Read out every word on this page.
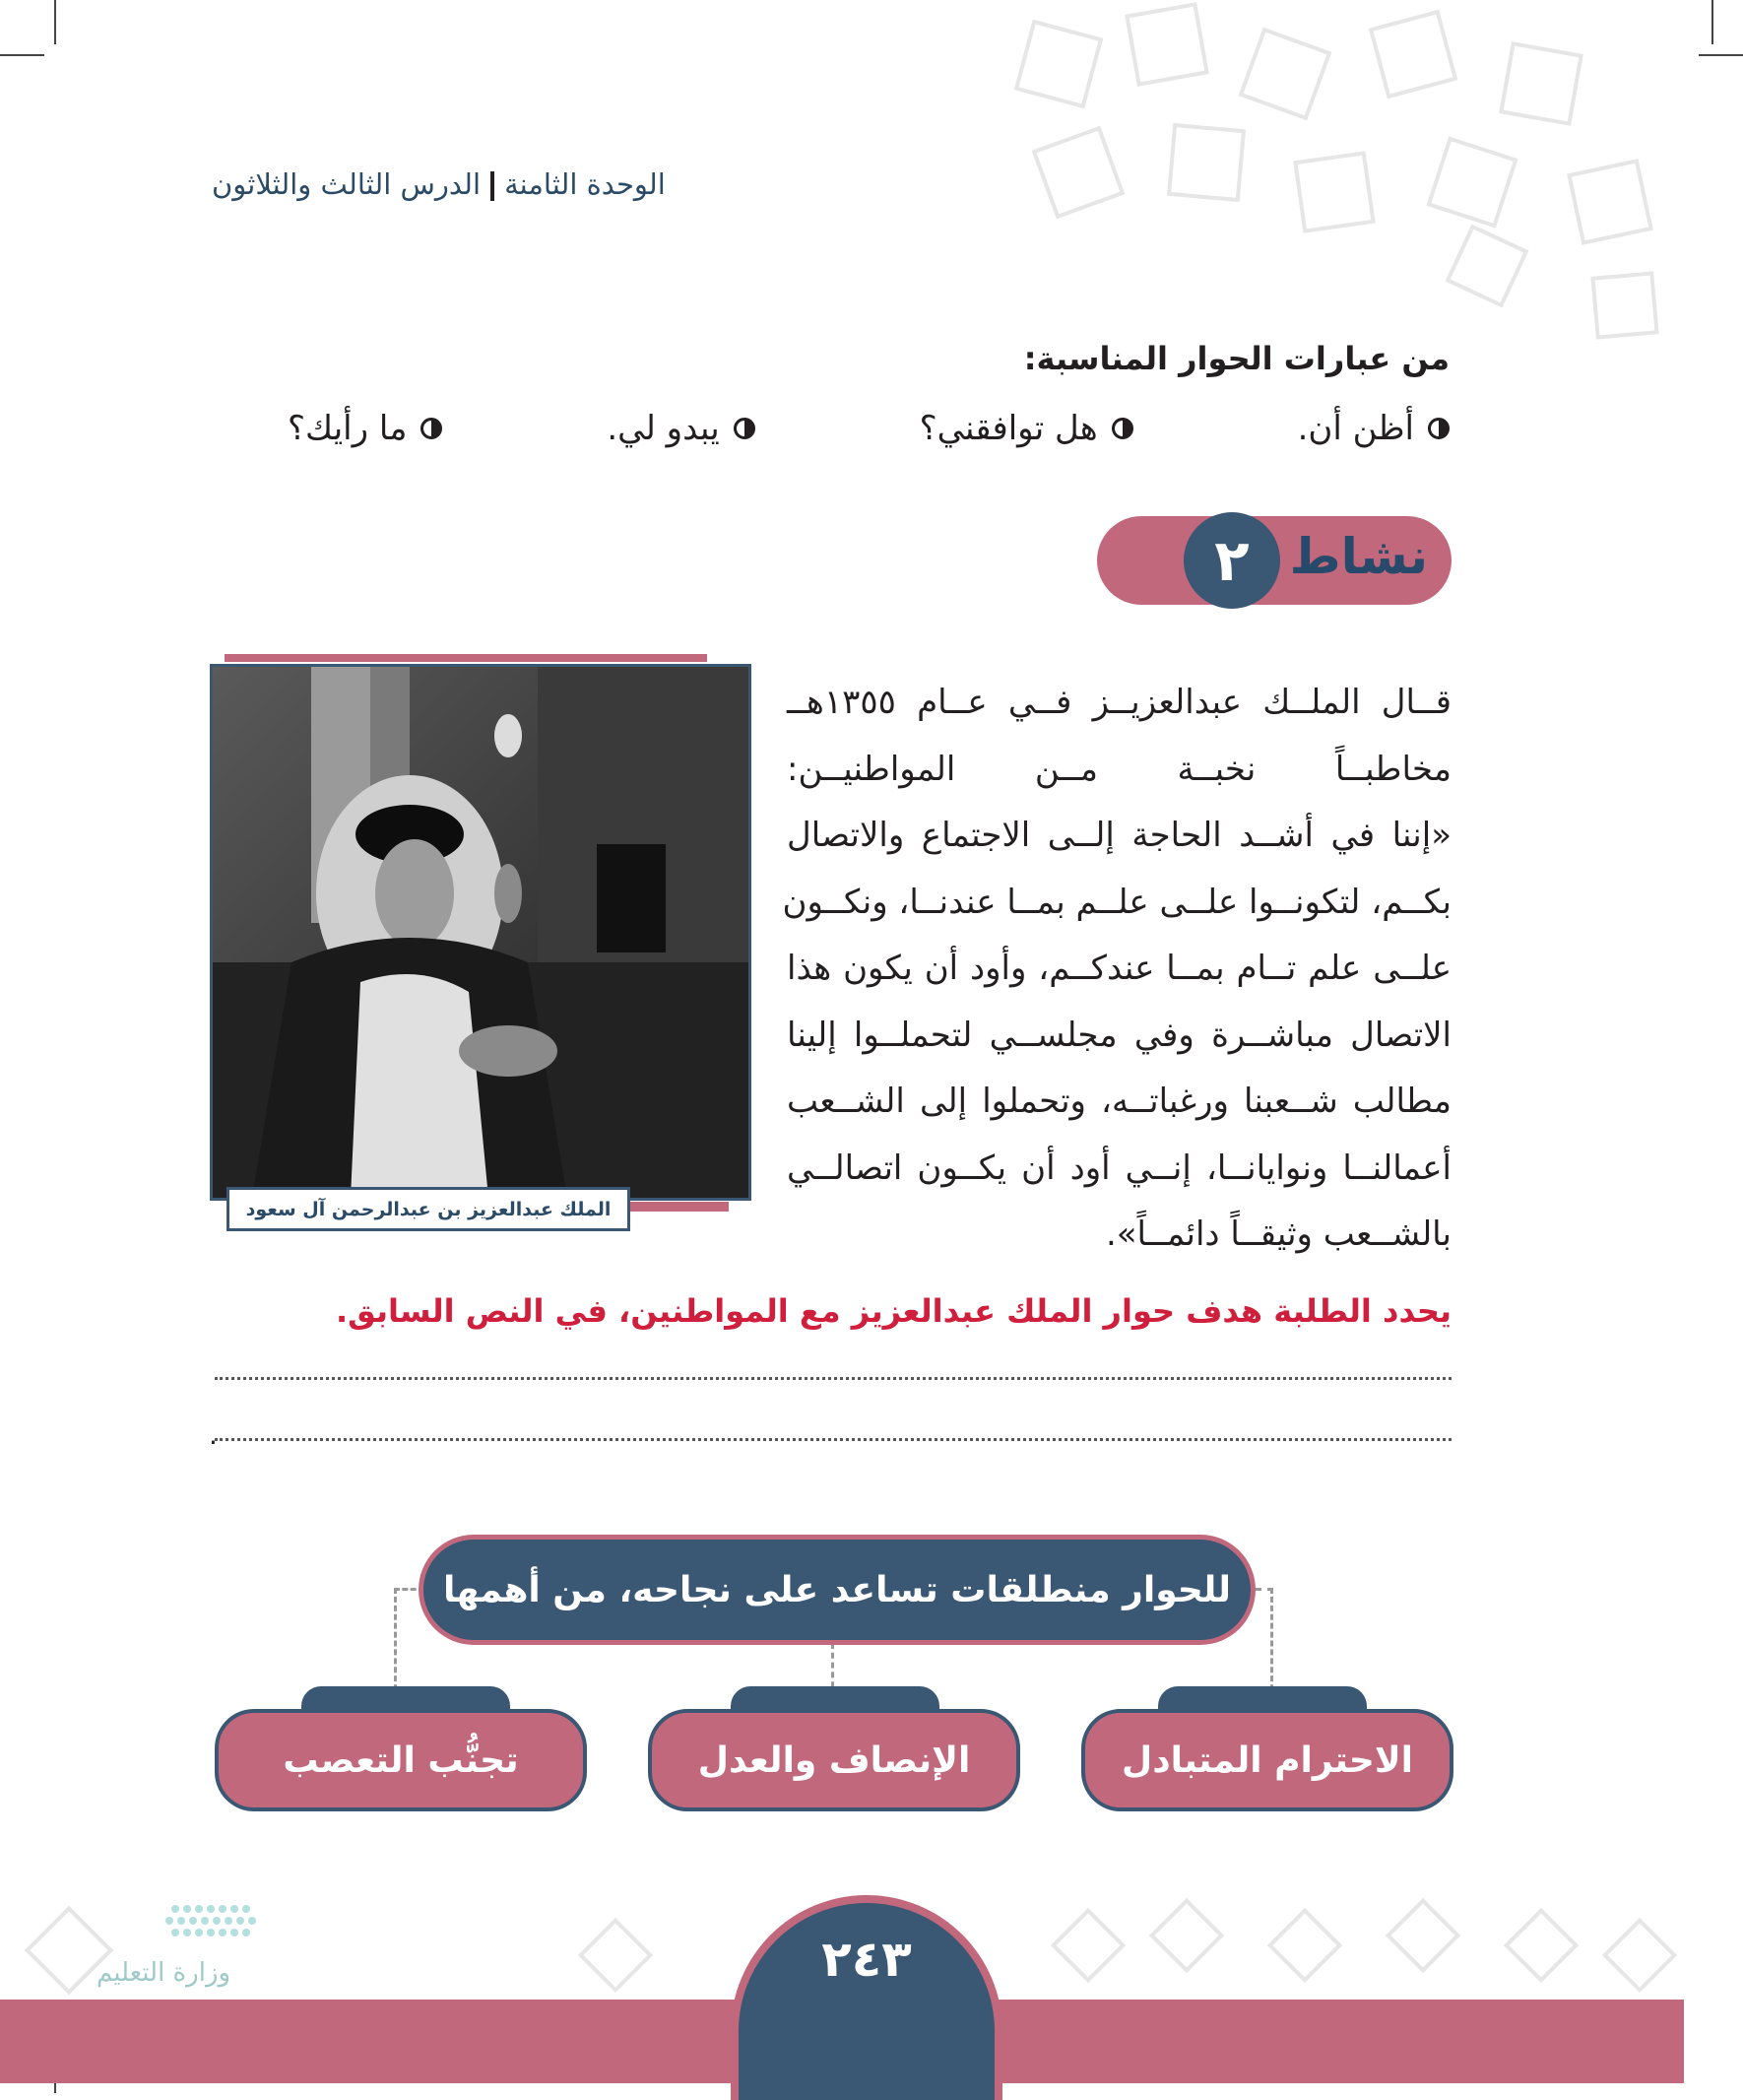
الوحدة الثامنةالدرس الثالث والثلاثون
من عبارات الحوار المناسبة:
أظن أن.
هل توافقني؟
يبدو لي.
ما رأيك؟
نشاط
٢
الملك عبدالعزيز بن عبدالرحمن آل سعود
قــال الملــك عبدالعزيــز فــي عــام ١٣٥٥هــ
مخاطبــاً نخبــة مــن المواطنيــن:
«إننا في أشــد الحاجة إلــى الاجتماع والاتصال
بكــم، لتكونــوا علــى علــم بمــا عندنــا، ونكــون
علــى علم تــام بمــا عندكــم، وأود أن يكون هذا
الاتصال مباشــرة وفي مجلســي لتحملــوا إلينا
مطالب شــعبنا ورغباتــه، وتحملوا إلى الشــعب
أعمالنــا ونوايانــا، إنــي أود أن يكــون اتصالــي
بالشــعب وثيقــاً دائمــاً».
يحدد الطلبة هدف حوار الملك عبدالعزيز مع المواطنين، في النص السابق.
.
للحوار منطلقات تساعد على نجاحه، من أهمها
الاحترام المتبادل
الإنصاف والعدل
تجنُّب التعصب
٢٤٣
وزارة التعليم
